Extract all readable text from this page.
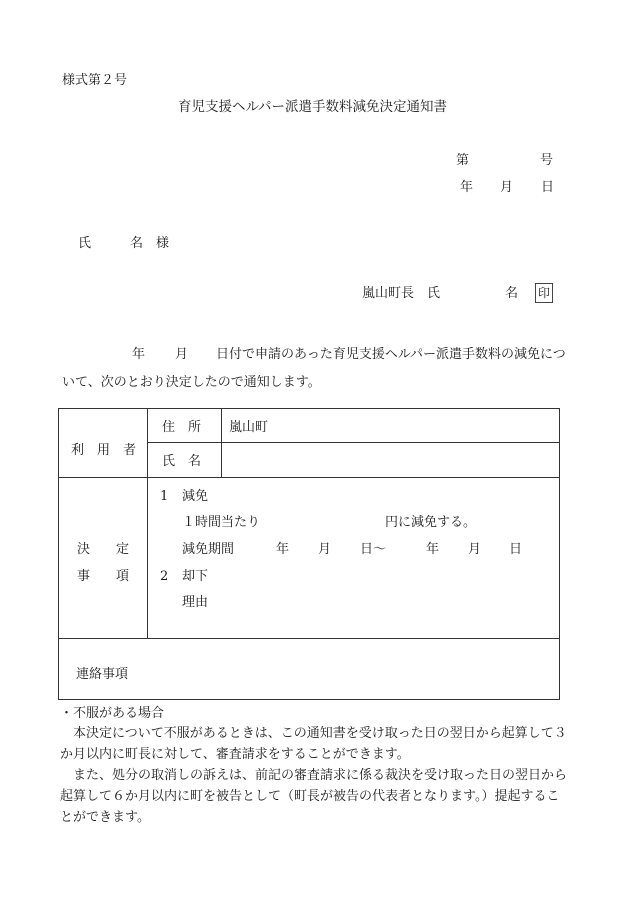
様式第２号
育児支援ヘルパー派遣手数料減免決定通知書
第	号
年 月 日
氏　　　名　様
嵐山町長　氏　　　　　名 印
年 月 日付で申請のあった育児支援ヘルパー派遣手数料の減免について、次のとおり決定したので通知します。
利　用　者
住　所 嵐山町
氏　名
決　　定
事　　項
1 減免
１時間当たり	円に減免する。
減免期間	年 月 日～	年 月 日
2 却下
理由
連絡事項
・不服がある場合
本決定について不服があるときは、この通知書を受け取った日の翌日から起算して３か月以内に町長に対して、審査請求をすることができます。
また、処分の取消しの訴えは、前記の審査請求に係る裁決を受け取った日の翌日から起算して６か月以内に町を被告として（町長が被告の代表者となります。）提起することができます。
